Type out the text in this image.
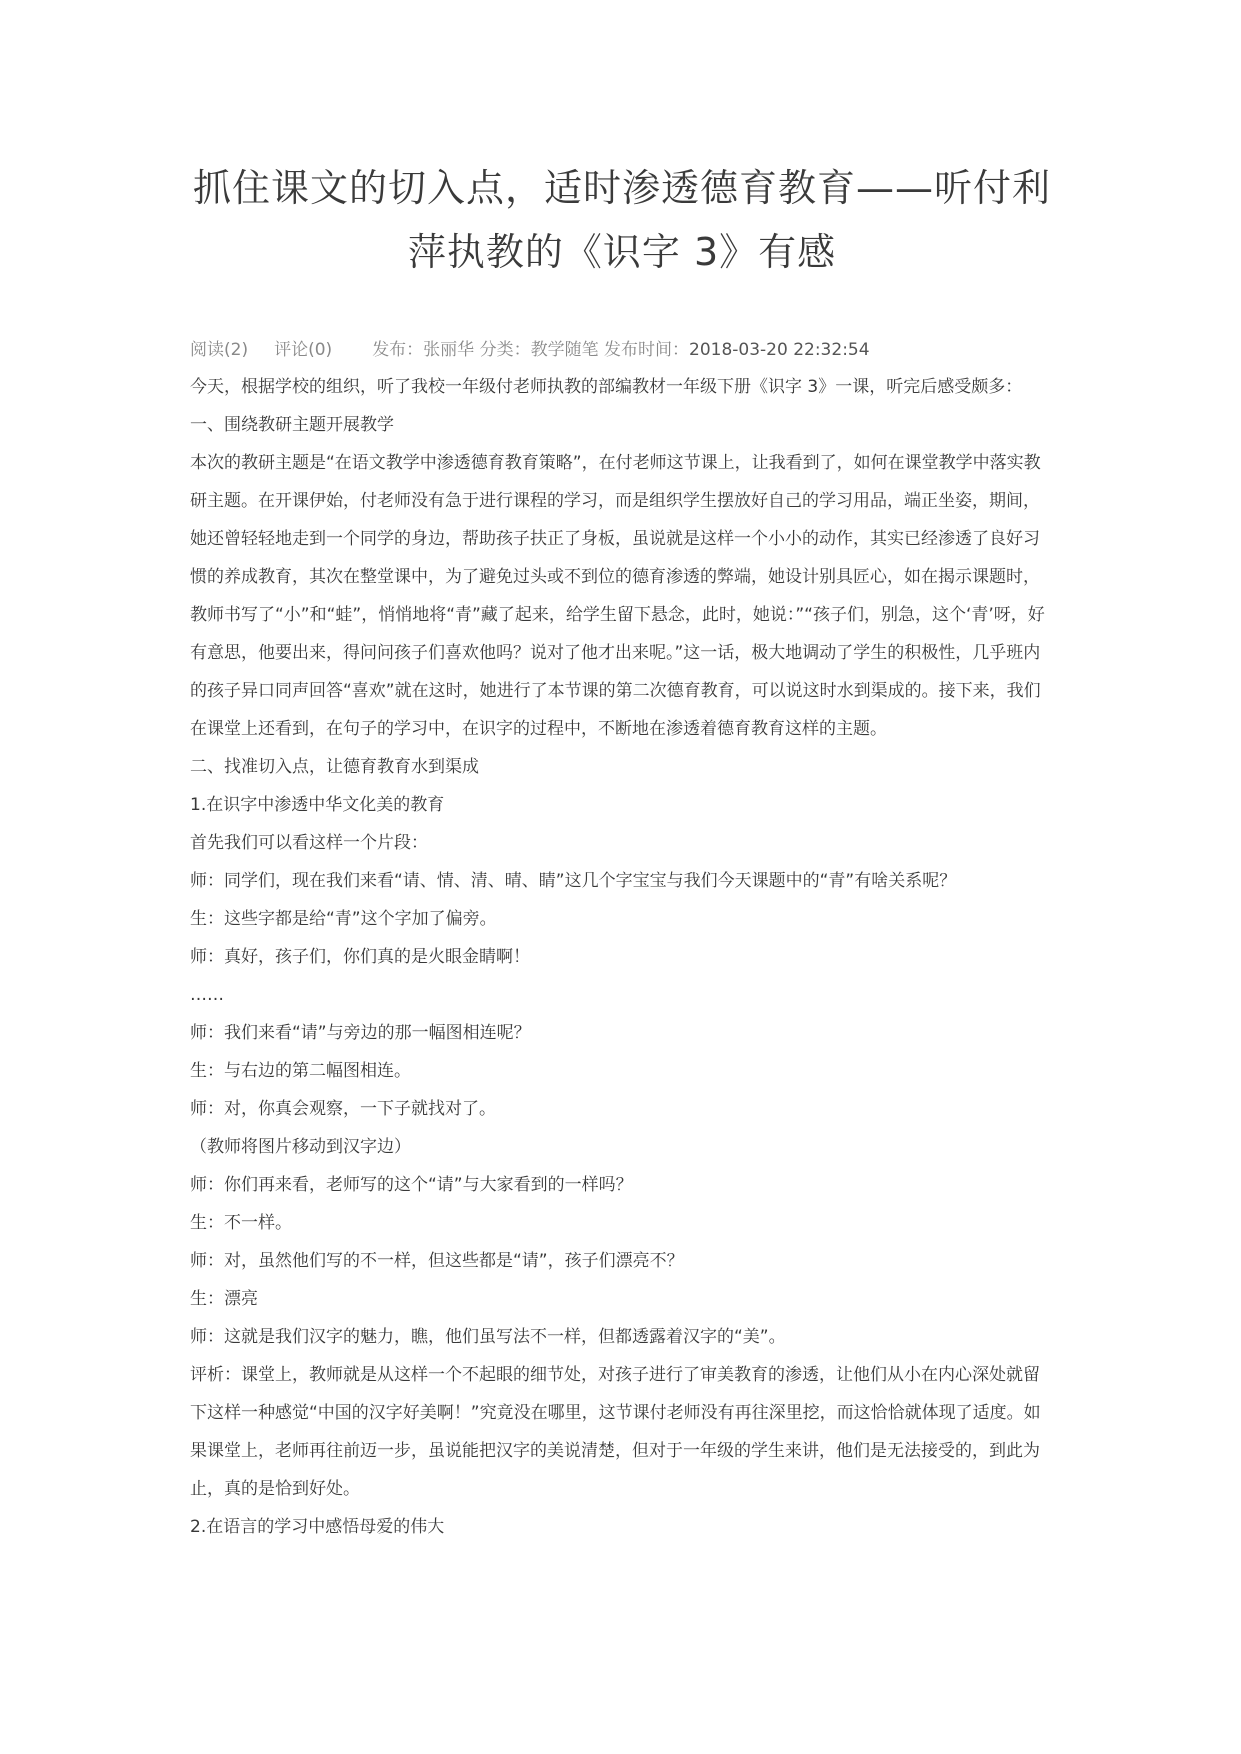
抓住课文的切入点，适时渗透德育教育——听付利萍执教的《识字 3》有感
阅读(2) 评论(0) 发布：张丽华 分类：教学随笔 发布时间：2018-03-20 22:32:54

今天，根据学校的组织，听了我校一年级付老师执教的部编教材一年级下册《识字 3》一课，听完后感受颇多：

一、围绕教研主题开展教学

本次的教研主题是“在语文教学中渗透德育教育策略”，在付老师这节课上，让我看到了，如何在课堂教学中落实教研主题。在开课伊始，付老师没有急于进行课程的学习，而是组织学生摆放好自己的学习用品，端正坐姿，期间，她还曾轻轻地走到一个同学的身边，帮助孩子扶正了身板，虽说就是这样一个小小的动作，其实已经渗透了良好习惯的养成教育，其次在整堂课中，为了避免过头或不到位的德育渗透的弊端，她设计别具匠心，如在揭示课题时，教师书写了“小”和“蛙”，悄悄地将“青”藏了起来，给学生留下悬念，此时，她说：”“孩子们，别急，这个‘青’呀，好有意思，他要出来，得问问孩子们喜欢他吗？说对了他才出来呢。”这一话，极大地调动了学生的积极性，几乎班内的孩子异口同声回答“喜欢”就在这时，她进行了本节课的第二次德育教育，可以说这时水到渠成的。接下来，我们在课堂上还看到，在句子的学习中，在识字的过程中，不断地在渗透着德育教育这样的主题。

二、找准切入点，让德育教育水到渠成

1.在识字中渗透中华文化美的教育

首先我们可以看这样一个片段：

师：同学们，现在我们来看“请、情、清、晴、睛”这几个字宝宝与我们今天课题中的“青”有啥关系呢？

生：这些字都是给“青”这个字加了偏旁。

师：真好，孩子们，你们真的是火眼金睛啊！

……

师：我们来看“请”与旁边的那一幅图相连呢？

生：与右边的第二幅图相连。

师：对，你真会观察，一下子就找对了。

（教师将图片移动到汉字边）

师：你们再来看，老师写的这个“请”与大家看到的一样吗？

生：不一样。

师：对，虽然他们写的不一样，但这些都是“请”，孩子们漂亮不？

生：漂亮

师：这就是我们汉字的魅力，瞧，他们虽写法不一样，但都透露着汉字的“美”。

评析：课堂上，教师就是从这样一个不起眼的细节处，对孩子进行了审美教育的渗透，让他们从小在内心深处就留下这样一种感觉“中国的汉字好美啊！”究竟没在哪里，这节课付老师没有再往深里挖，而这恰恰就体现了适度。如果课堂上，老师再往前迈一步，虽说能把汉字的美说清楚，但对于一年级的学生来讲，他们是无法接受的，到此为止，真的是恰到好处。

2.在语言的学习中感悟母爱的伟大
